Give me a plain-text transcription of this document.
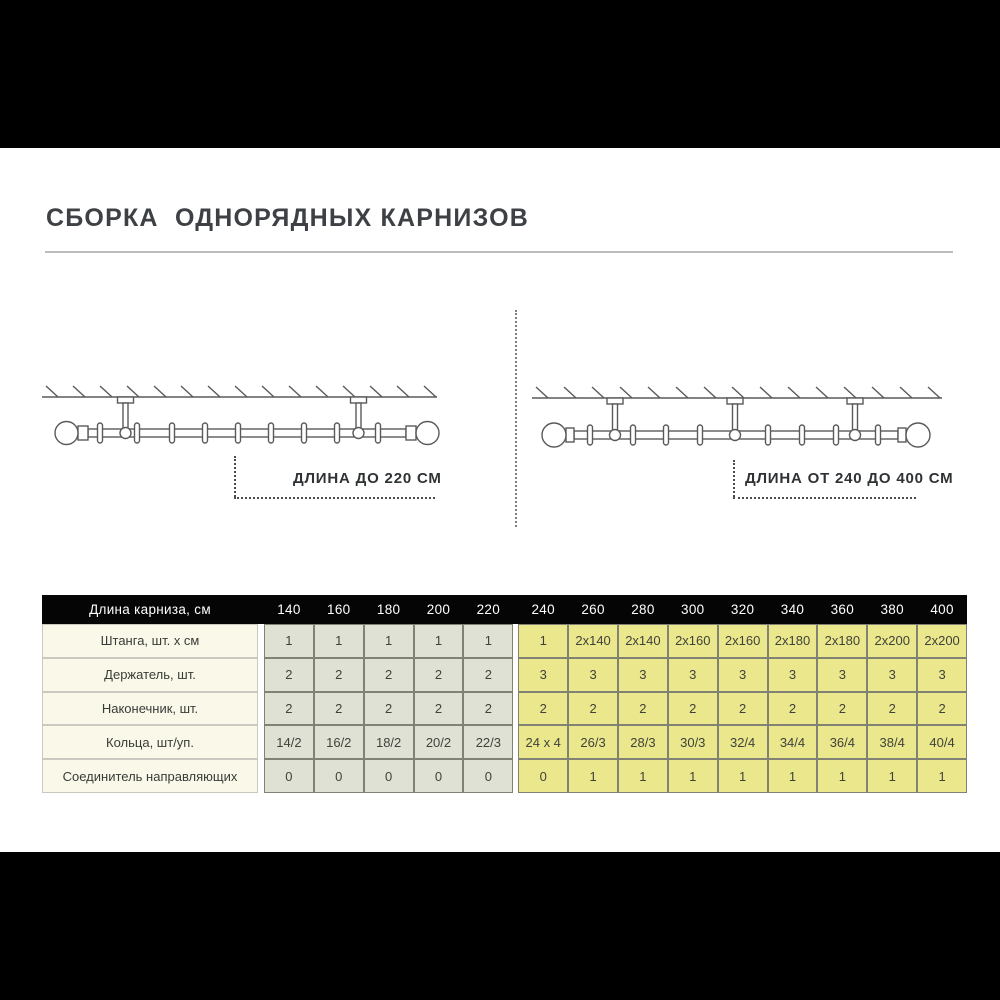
СБОРКА  ОДНОРЯДНЫХ КАРНИЗОВ
ДЛИНА ДО 220 СМ	ДЛИНА ОТ 240 ДО 400 СМ
Длина карниза, см	140	160	180	200	220	240	260	280	300	320	340	360	380	400
Штанга, шт. x см	1	1	1	1	1	1	2x140	2x140	2x160	2x160	2x180	2x180	2x200	2x200
Держатель, шт.	2	2	2	2	2	3	3	3	3	3	3	3	3	3
Наконечник, шт.	2	2	2	2	2	2	2	2	2	2	2	2	2	2
Кольца, шт/уп.	14/2	16/2	18/2	20/2	22/3	24 x 4	26/3	28/3	30/3	32/4	34/4	36/4	38/4	40/4
Соединитель направляющих	0	0	0	0	0	0	1	1	1	1	1	1	1	1
